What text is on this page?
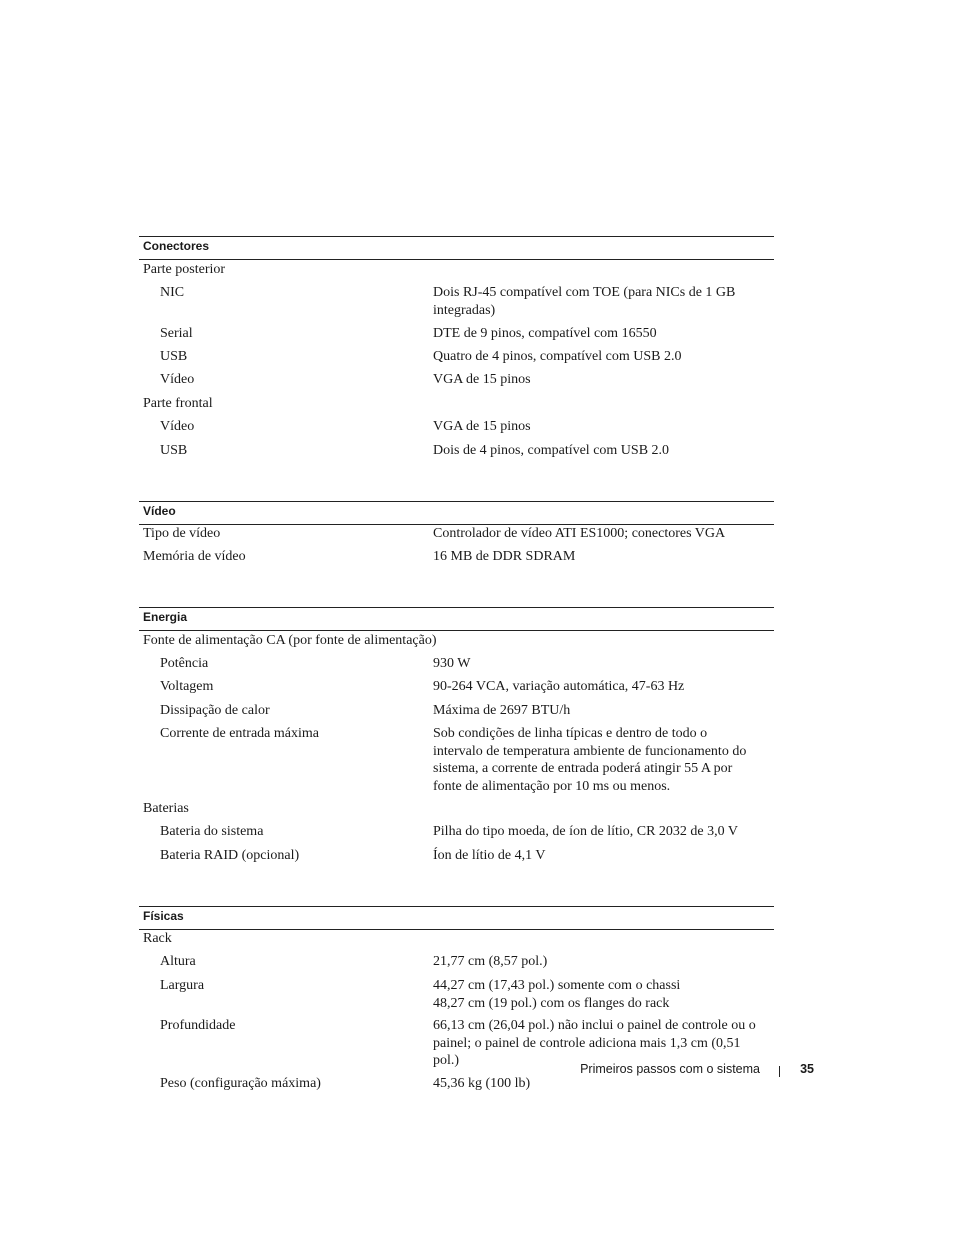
Conectores
Parte posterior
NIC	Dois RJ-45 compatível com TOE (para NICs de 1 GB integradas)
Serial	DTE de 9 pinos, compatível com 16550
USB	Quatro de 4 pinos, compatível com USB 2.0
Vídeo	VGA de 15 pinos
Parte frontal
Vídeo	VGA de 15 pinos
USB	Dois de 4 pinos, compatível com USB 2.0
Vídeo
Tipo de vídeo	Controlador de vídeo ATI ES1000; conectores VGA
Memória de vídeo	16 MB de DDR SDRAM
Energia
Fonte de alimentação CA (por fonte de alimentação)
Potência	930 W
Voltagem	90-264 VCA, variação automática, 47-63 Hz
Dissipação de calor	Máxima de 2697 BTU/h
Corrente de entrada máxima	Sob condições de linha típicas e dentro de todo o intervalo de temperatura ambiente de funcionamento do sistema, a corrente de entrada poderá atingir 55 A por fonte de alimentação por 10 ms ou menos.
Baterias
Bateria do sistema	Pilha do tipo moeda, de íon de lítio, CR 2032 de 3,0 V
Bateria RAID (opcional)	Íon de lítio de 4,1 V
Físicas
Rack
Altura	21,77 cm (8,57 pol.)
Largura	44,27 cm (17,43 pol.) somente com o chassi
48,27 cm (19 pol.) com os flanges do rack
Profundidade	66,13 cm (26,04 pol.) não inclui o painel de controle ou o painel; o painel de controle adiciona mais 1,3 cm (0,51 pol.)
Peso (configuração máxima)	45,36 kg (100 lb)
Primeiros passos com o sistema	35
